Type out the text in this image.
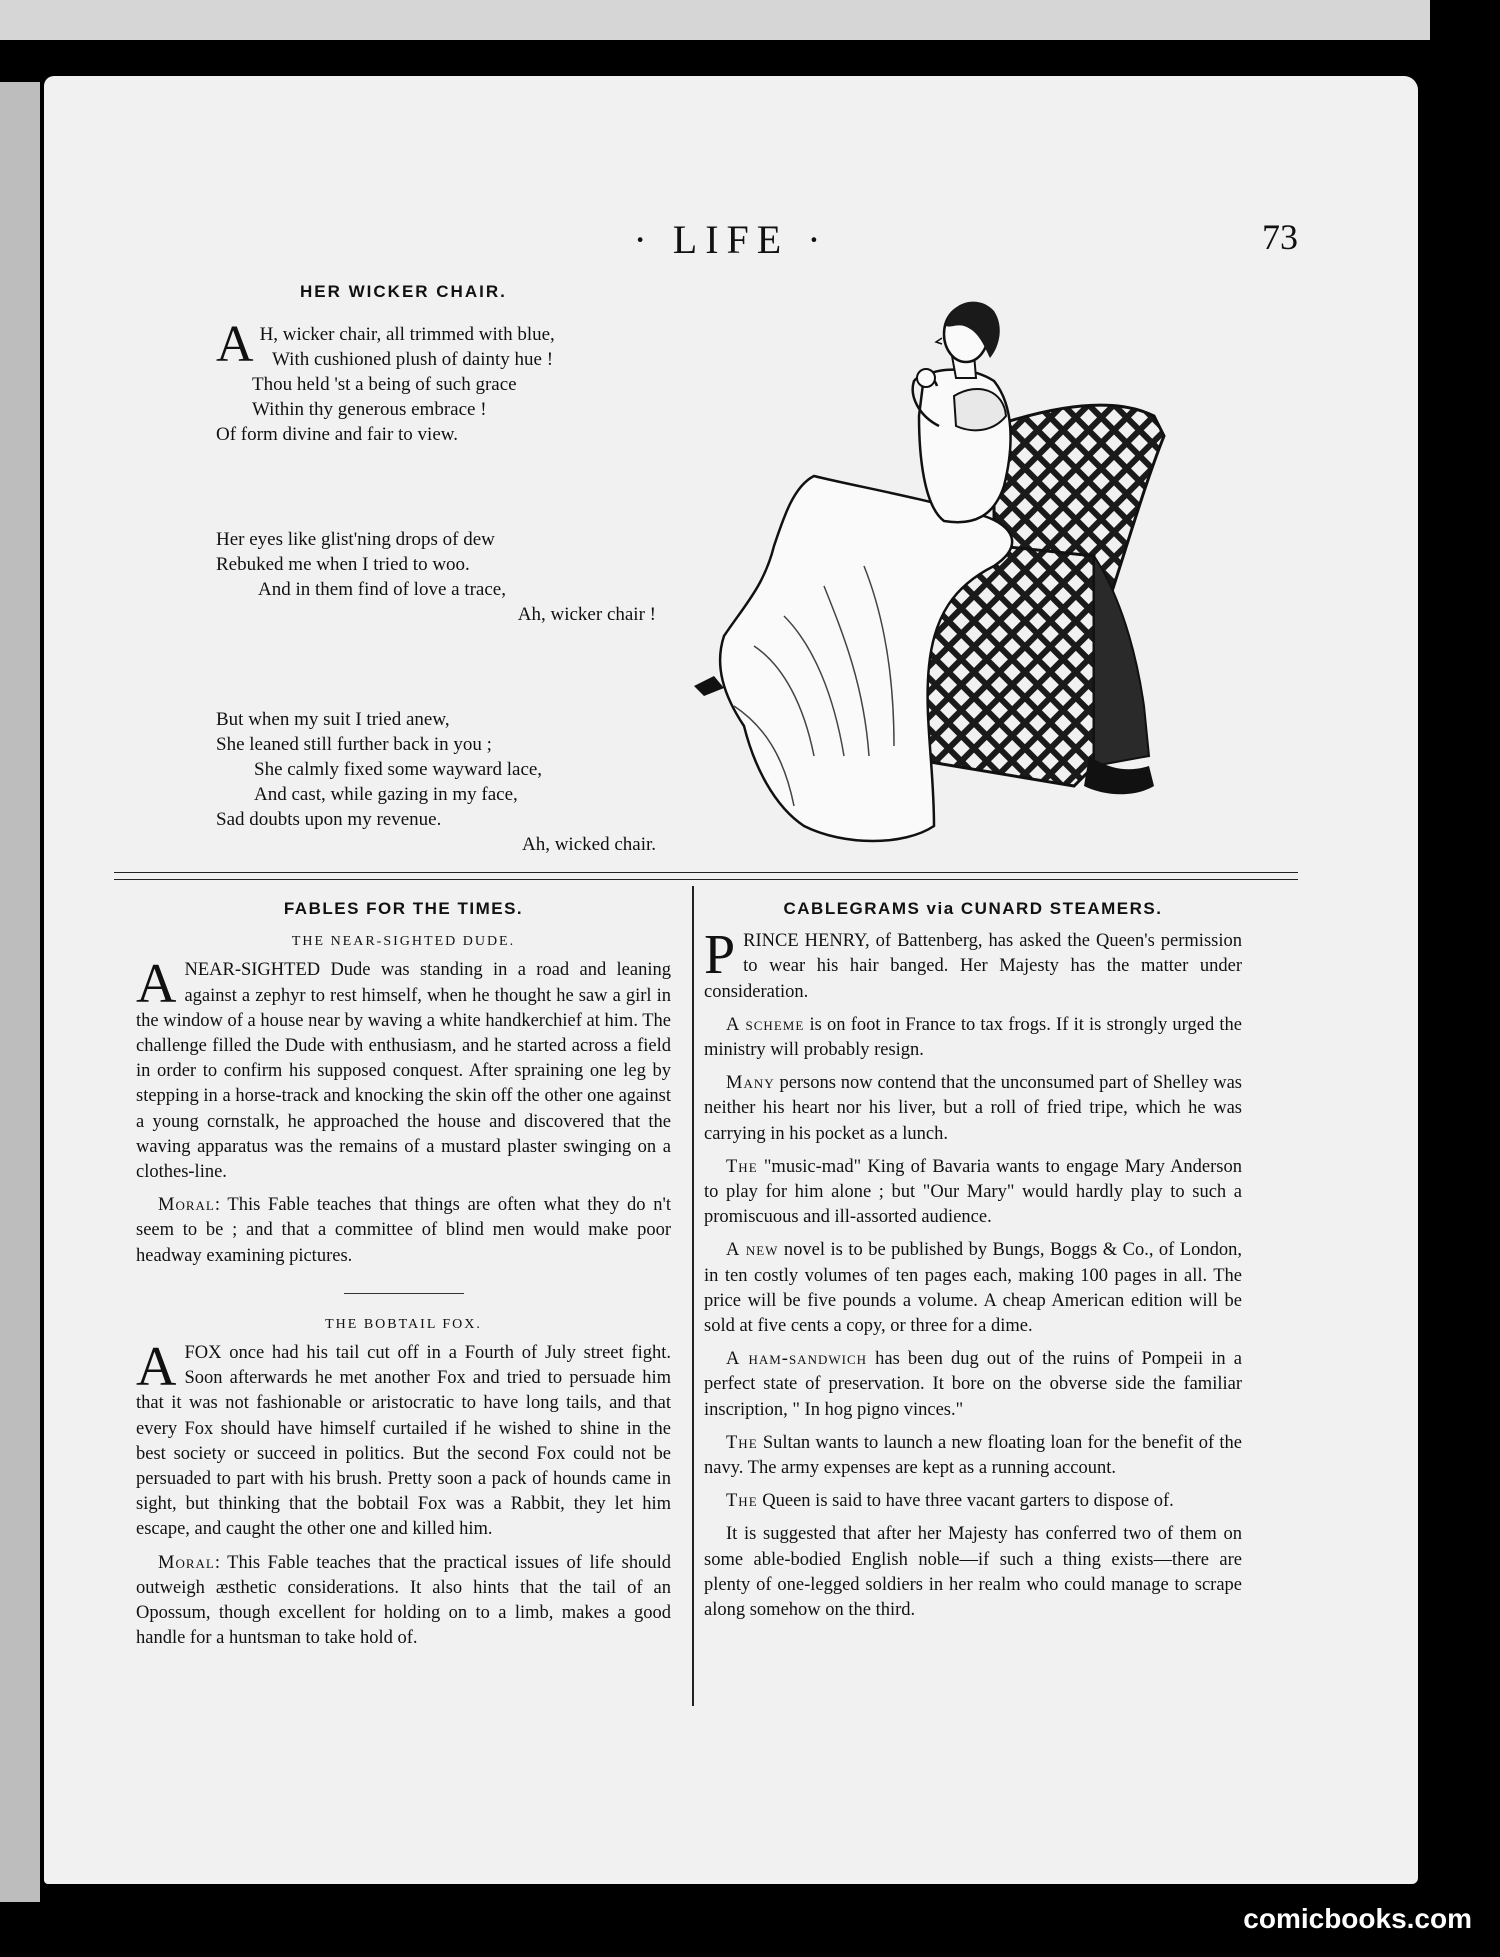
· LIFE ·	73
HER WICKER CHAIR.
A H, wicker chair, all trimmed with blue,
With cushioned plush of dainty hue !
Thou held 'st a being of such grace
Within thy generous embrace !
Of form divine and fair to view.
Her eyes like glist'ning drops of dew
Rebuked me when I tried to woo.
And in them find of love a trace,
Ah, wicker chair !
But when my suit I tried anew,
She leaned still further back in you ;
She calmly fixed some wayward lace,
And cast, while gazing in my face,
Sad doubts upon my revenue.
Ah, wicked chair.
FABLES FOR THE TIMES.
THE NEAR-SIGHTED DUDE.

ANEAR-SIGHTED Dude was standing in a road and leaning against a zephyr to rest himself, when he thought he saw a girl in the window of a house near by waving a white handkerchief at him. The challenge filled the Dude with enthusiasm, and he started across a field in order to confirm his supposed conquest. After spraining one leg by stepping in a horse-track and knocking the skin off the other one against a young cornstalk, he approached the house and discovered that the waving apparatus was the remains of a mustard plaster swinging on a clothes-line.

Moral: This Fable teaches that things are often what they do n't seem to be ; and that a committee of blind men would make poor headway examining pictures.

THE BOBTAIL FOX.

A FOX once had his tail cut off in a Fourth of July street fight. Soon afterwards he met another Fox and tried to persuade him that it was not fashionable or aristocratic to have long tails, and that every Fox should have himself curtailed if he wished to shine in the best society or succeed in politics. But the second Fox could not be persuaded to part with his brush. Pretty soon a pack of hounds came in sight, but thinking that the bobtail Fox was a Rabbit, they let him escape, and caught the other one and killed him.

Moral: This Fable teaches that the practical issues of life should outweigh æsthetic considerations. It also hints that the tail of an Opossum, though excellent for holding on to a limb, makes a good handle for a huntsman to take hold of.

CABLEGRAMS via CUNARD STEAMERS.

PRINCE HENRY, of Battenberg, has asked the Queen's permission to wear his hair banged. Her Majesty has the matter under consideration.

A scheme is on foot in France to tax frogs. If it is strongly urged the ministry will probably resign.

Many persons now contend that the unconsumed part of Shelley was neither his heart nor his liver, but a roll of fried tripe, which he was carrying in his pocket as a lunch.

The "music-mad" King of Bavaria wants to engage Mary Anderson to play for him alone ; but "Our Mary" would hardly play to such a promiscuous and ill-assorted audience.

A new novel is to be published by Bungs, Boggs & Co., of London, in ten costly volumes of ten pages each, making 100 pages in all. The price will be five pounds a volume. A cheap American edition will be sold at five cents a copy, or three for a dime.

A ham-sandwich has been dug out of the ruins of Pompeii in a perfect state of preservation. It bore on the obverse side the familiar inscription, " In hog pigno vinces."

The Sultan wants to launch a new floating loan for the benefit of the navy. The army expenses are kept as a running account.

The Queen is said to have three vacant garters to dispose of.

It is suggested that after her Majesty has conferred two of them on some able-bodied English noble—if such a thing exists—there are plenty of one-legged soldiers in her realm who could manage to scrape along somehow on the third.

comicbooks.com
